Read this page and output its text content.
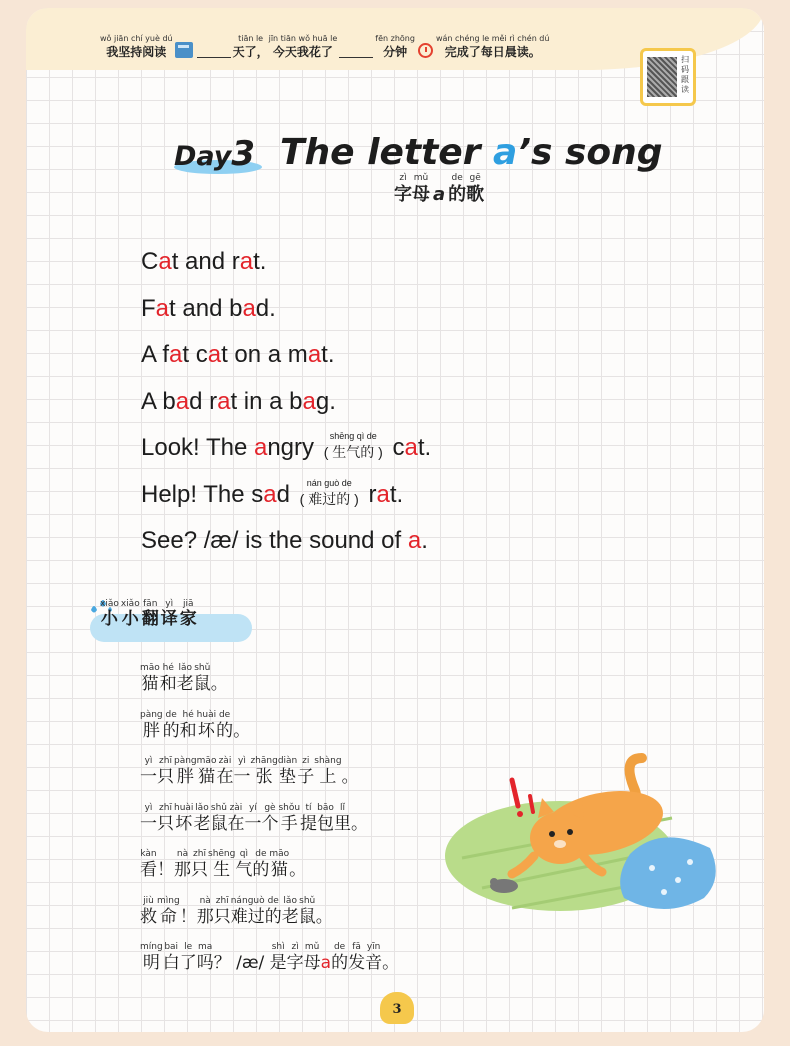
wǒ jiān chí yuè dú
我坚持阅读
tiān le
天了，
jīn tiān wǒ huā le
今天我花了
fēn zhōng
分钟
wán chéng le měi rì chén dú
完成了每日晨读。
扫码跟读
Day3 The letter a’s song
zì
字
mǔ
母 a
de
的
gē
歌
C a t and r a t.
F a t and b a d.
A f a t c a t on a m a t.
A b a d r a t in a b a g.
Look! The a ngry shēng qì de
( 生气的 ) c a t.
Help! The s a d nán guò de
( 难过的 ) r a t.
See? /æ/ is the sound of a .
xiǎo
小
xiǎo
小
fān
翻
yì
译
jiā
家
māo
猫
hé
和
lǎo
老
shǔ
鼠 。
pàng
胖
de
的
hé
和
huài
坏
de
的 。
yì
一
zhī
只
pàng
胖
māo
猫
zài
在
yì
一
zhāng
张
diàn
垫
zi
子
shàng
上 。
yì
一
zhī
只
huài
坏
lǎo
老
shǔ
鼠
zài
在
yí
一
gè
个
shǒu
手
tí
提
bāo
包
lǐ
里 。
kàn
看 ！
nà
那
zhī
只
shēng
生
qì
气
de
的
māo
猫 。
jiù
救
mìng
命 ！
nà
那
zhī
只
nán
难
guò
过
de
的
lǎo
老
shǔ
鼠 。
míng
明
bai
白
le
了
ma
吗 ？ /æ/
shì
是
zì
字
mǔ
母 a
de
的
fā
发
yīn
音 。
3
